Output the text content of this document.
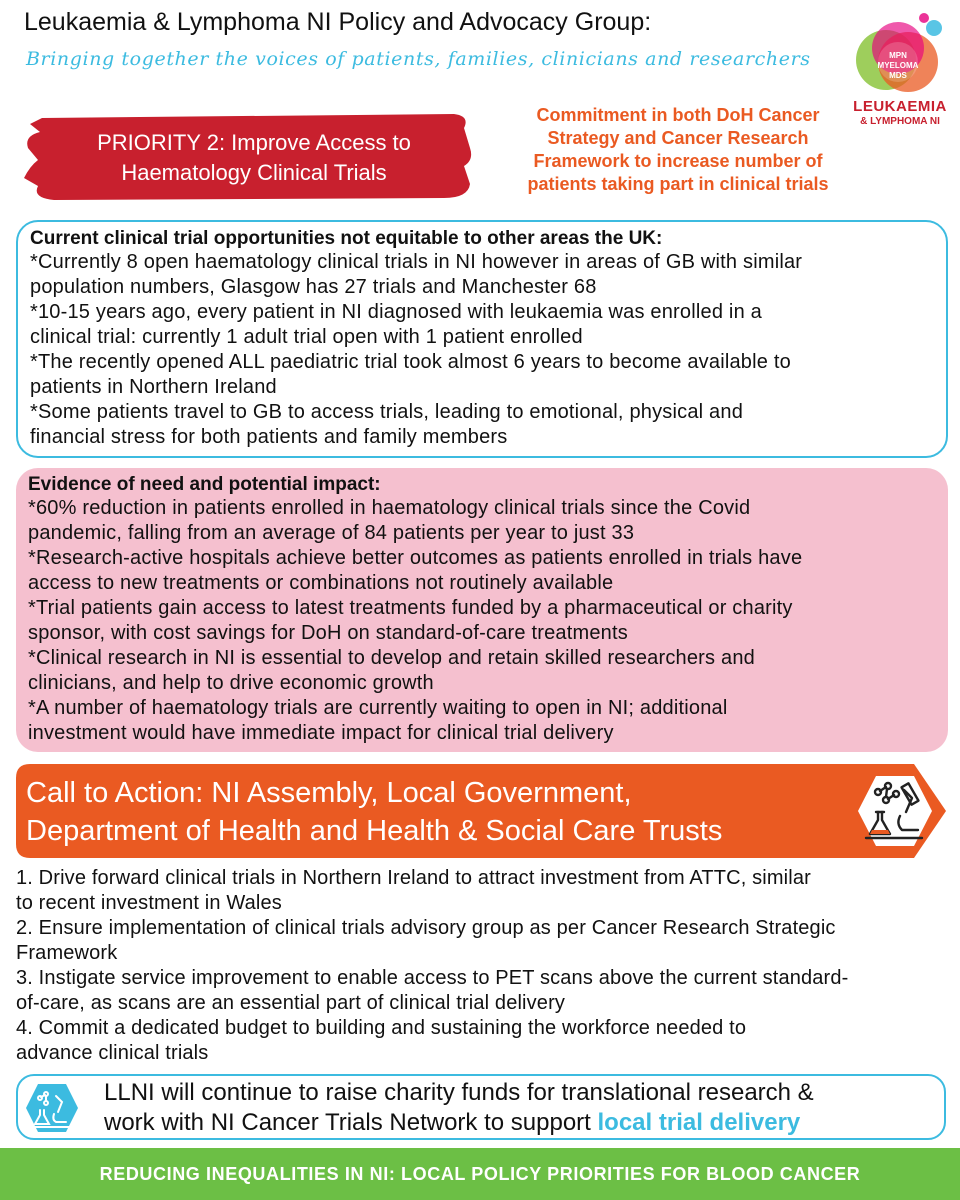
Leukaemia & Lymphoma NI Policy and Advocacy Group:
Bringing together the voices of patients, families, clinicians and researchers	MPN
MYELOMA
MDS
LEUKAEMIA
& LYMPHOMA NI
PRIORITY 2: Improve Access to
Haematology Clinical Trials
Commitment in both DoH Cancer
Strategy and Cancer Research
Framework to increase number of
patients taking part in clinical trials
Current clinical trial opportunities not equitable to other areas the UK:
*Currently 8 open haematology clinical trials in NI however in areas of GB with similar
population numbers, Glasgow has 27 trials and Manchester 68
*10-15 years ago, every patient in NI diagnosed with leukaemia was enrolled in a
clinical trial: currently 1 adult trial open with 1 patient enrolled
*The recently opened ALL paediatric trial took almost 6 years to become available to
patients in Northern Ireland
*Some patients travel to GB to access trials, leading to emotional, physical and
financial stress for both patients and family members
Evidence of need and potential impact:
*60% reduction in patients enrolled in haematology clinical trials since the Covid
pandemic, falling from an average of 84 patients per year to just 33
*Research-active hospitals achieve better outcomes as patients enrolled in trials have
access to new treatments or combinations not routinely available
*Trial patients gain access to latest treatments funded by a pharmaceutical or charity
sponsor, with cost savings for DoH on standard-of-care treatments
*Clinical research in NI is essential to develop and retain skilled researchers and
clinicians, and help to drive economic growth
*A number of haematology trials are currently waiting to open in NI; additional
investment would have immediate impact for clinical trial delivery
Call to Action: NI Assembly, Local Government,
Department of Health and Health & Social Care Trusts
1. Drive forward clinical trials in Northern Ireland to attract investment from ATTC, similar
to recent investment in Wales
2. Ensure implementation of clinical trials advisory group as per Cancer Research Strategic
Framework
3. Instigate service improvement to enable access to PET scans above the current standard-
of-care, as scans are an essential part of clinical trial delivery
4. Commit a dedicated budget to building and sustaining the workforce needed to
advance clinical trials
LLNI will continue to raise charity funds for translational research &
work with NI Cancer Trials Network to support local trial delivery
REDUCING INEQUALITIES IN NI: LOCAL POLICY PRIORITIES FOR BLOOD CANCER
